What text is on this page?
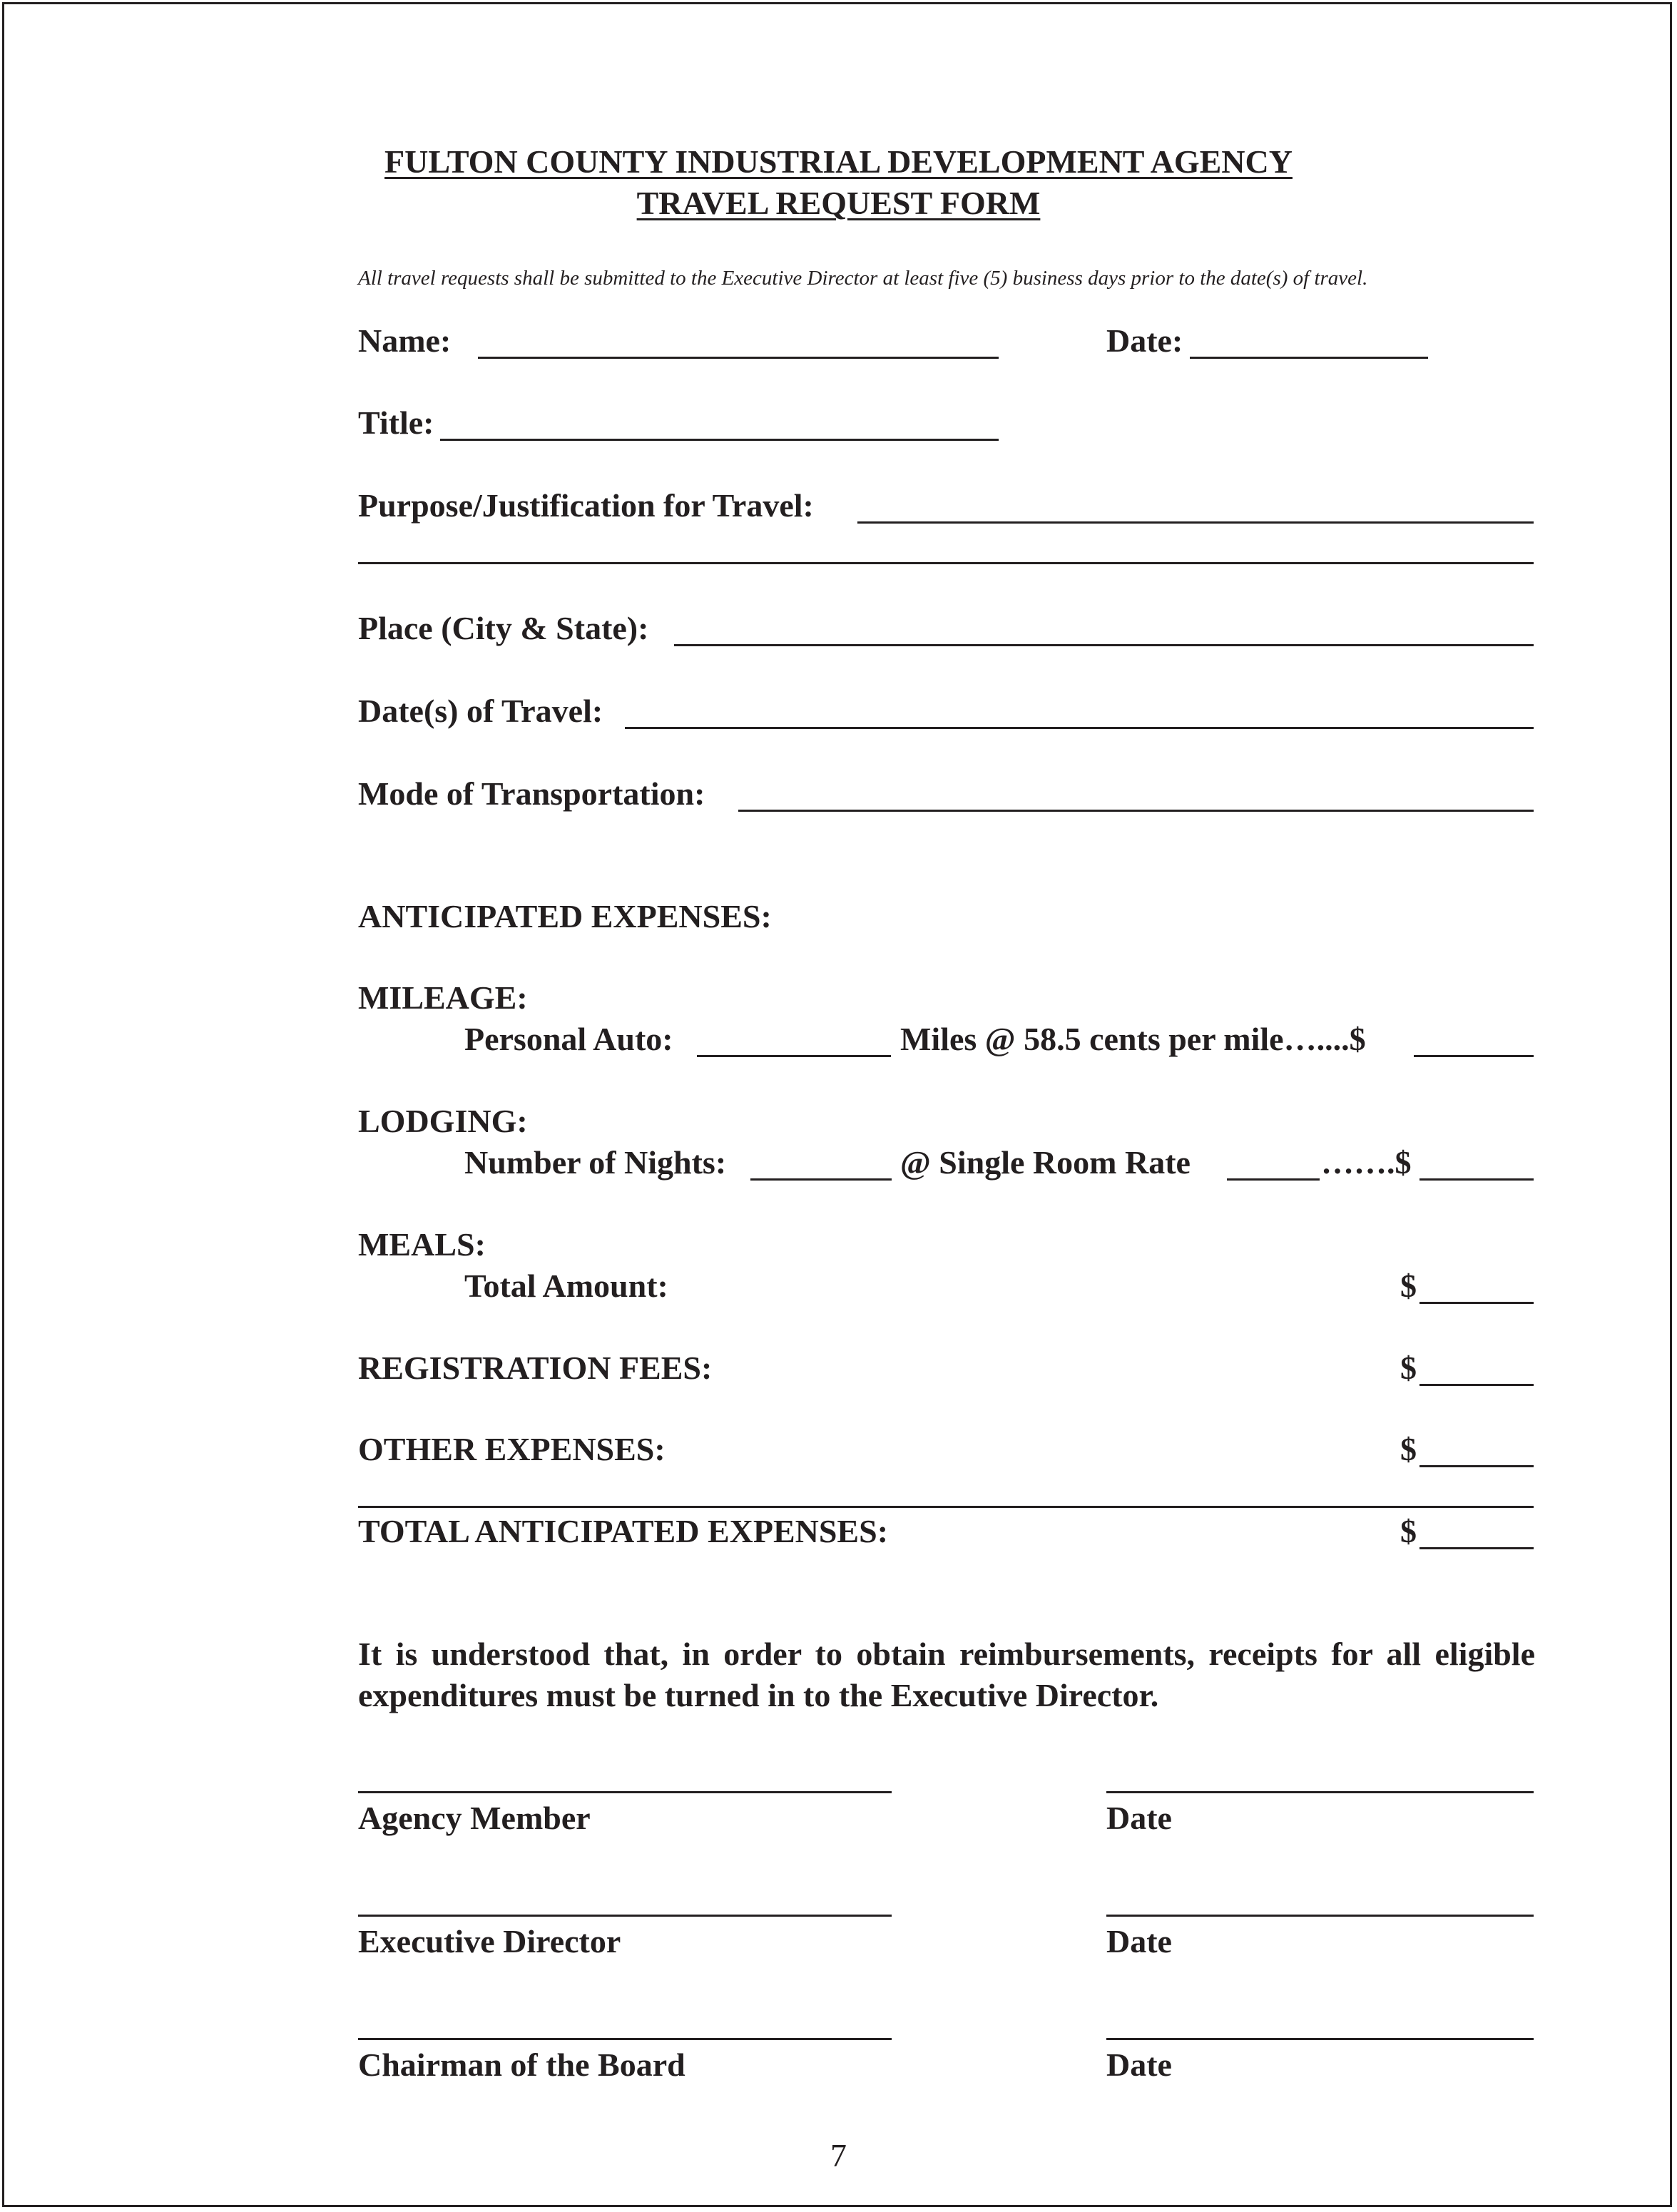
FULTON COUNTY INDUSTRIAL DEVELOPMENT AGENCY
TRAVEL REQUEST FORM
All travel requests shall be submitted to the Executive Director at least five (5) business days prior to the date(s) of travel.
Name:	Date:
Title:
Purpose/Justification for Travel:
Place (City & State):
Date(s) of Travel:
Mode of Transportation:
ANTICIPATED EXPENSES:
MILEAGE:
Personal Auto:	Miles @ 58.5 cents per mile…....$
LODGING:
Number of Nights:	@ Single Room Rate	…….$
MEALS:
Total Amount:	$
REGISTRATION FEES:	$
OTHER EXPENSES:	$
TOTAL ANTICIPATED EXPENSES:	$
It is understood that, in order to obtain reimbursements, receipts for all eligible expenditures must be turned in to the Executive Director.
Agency Member	Date
Executive Director	Date
Chairman of the Board	Date
7
